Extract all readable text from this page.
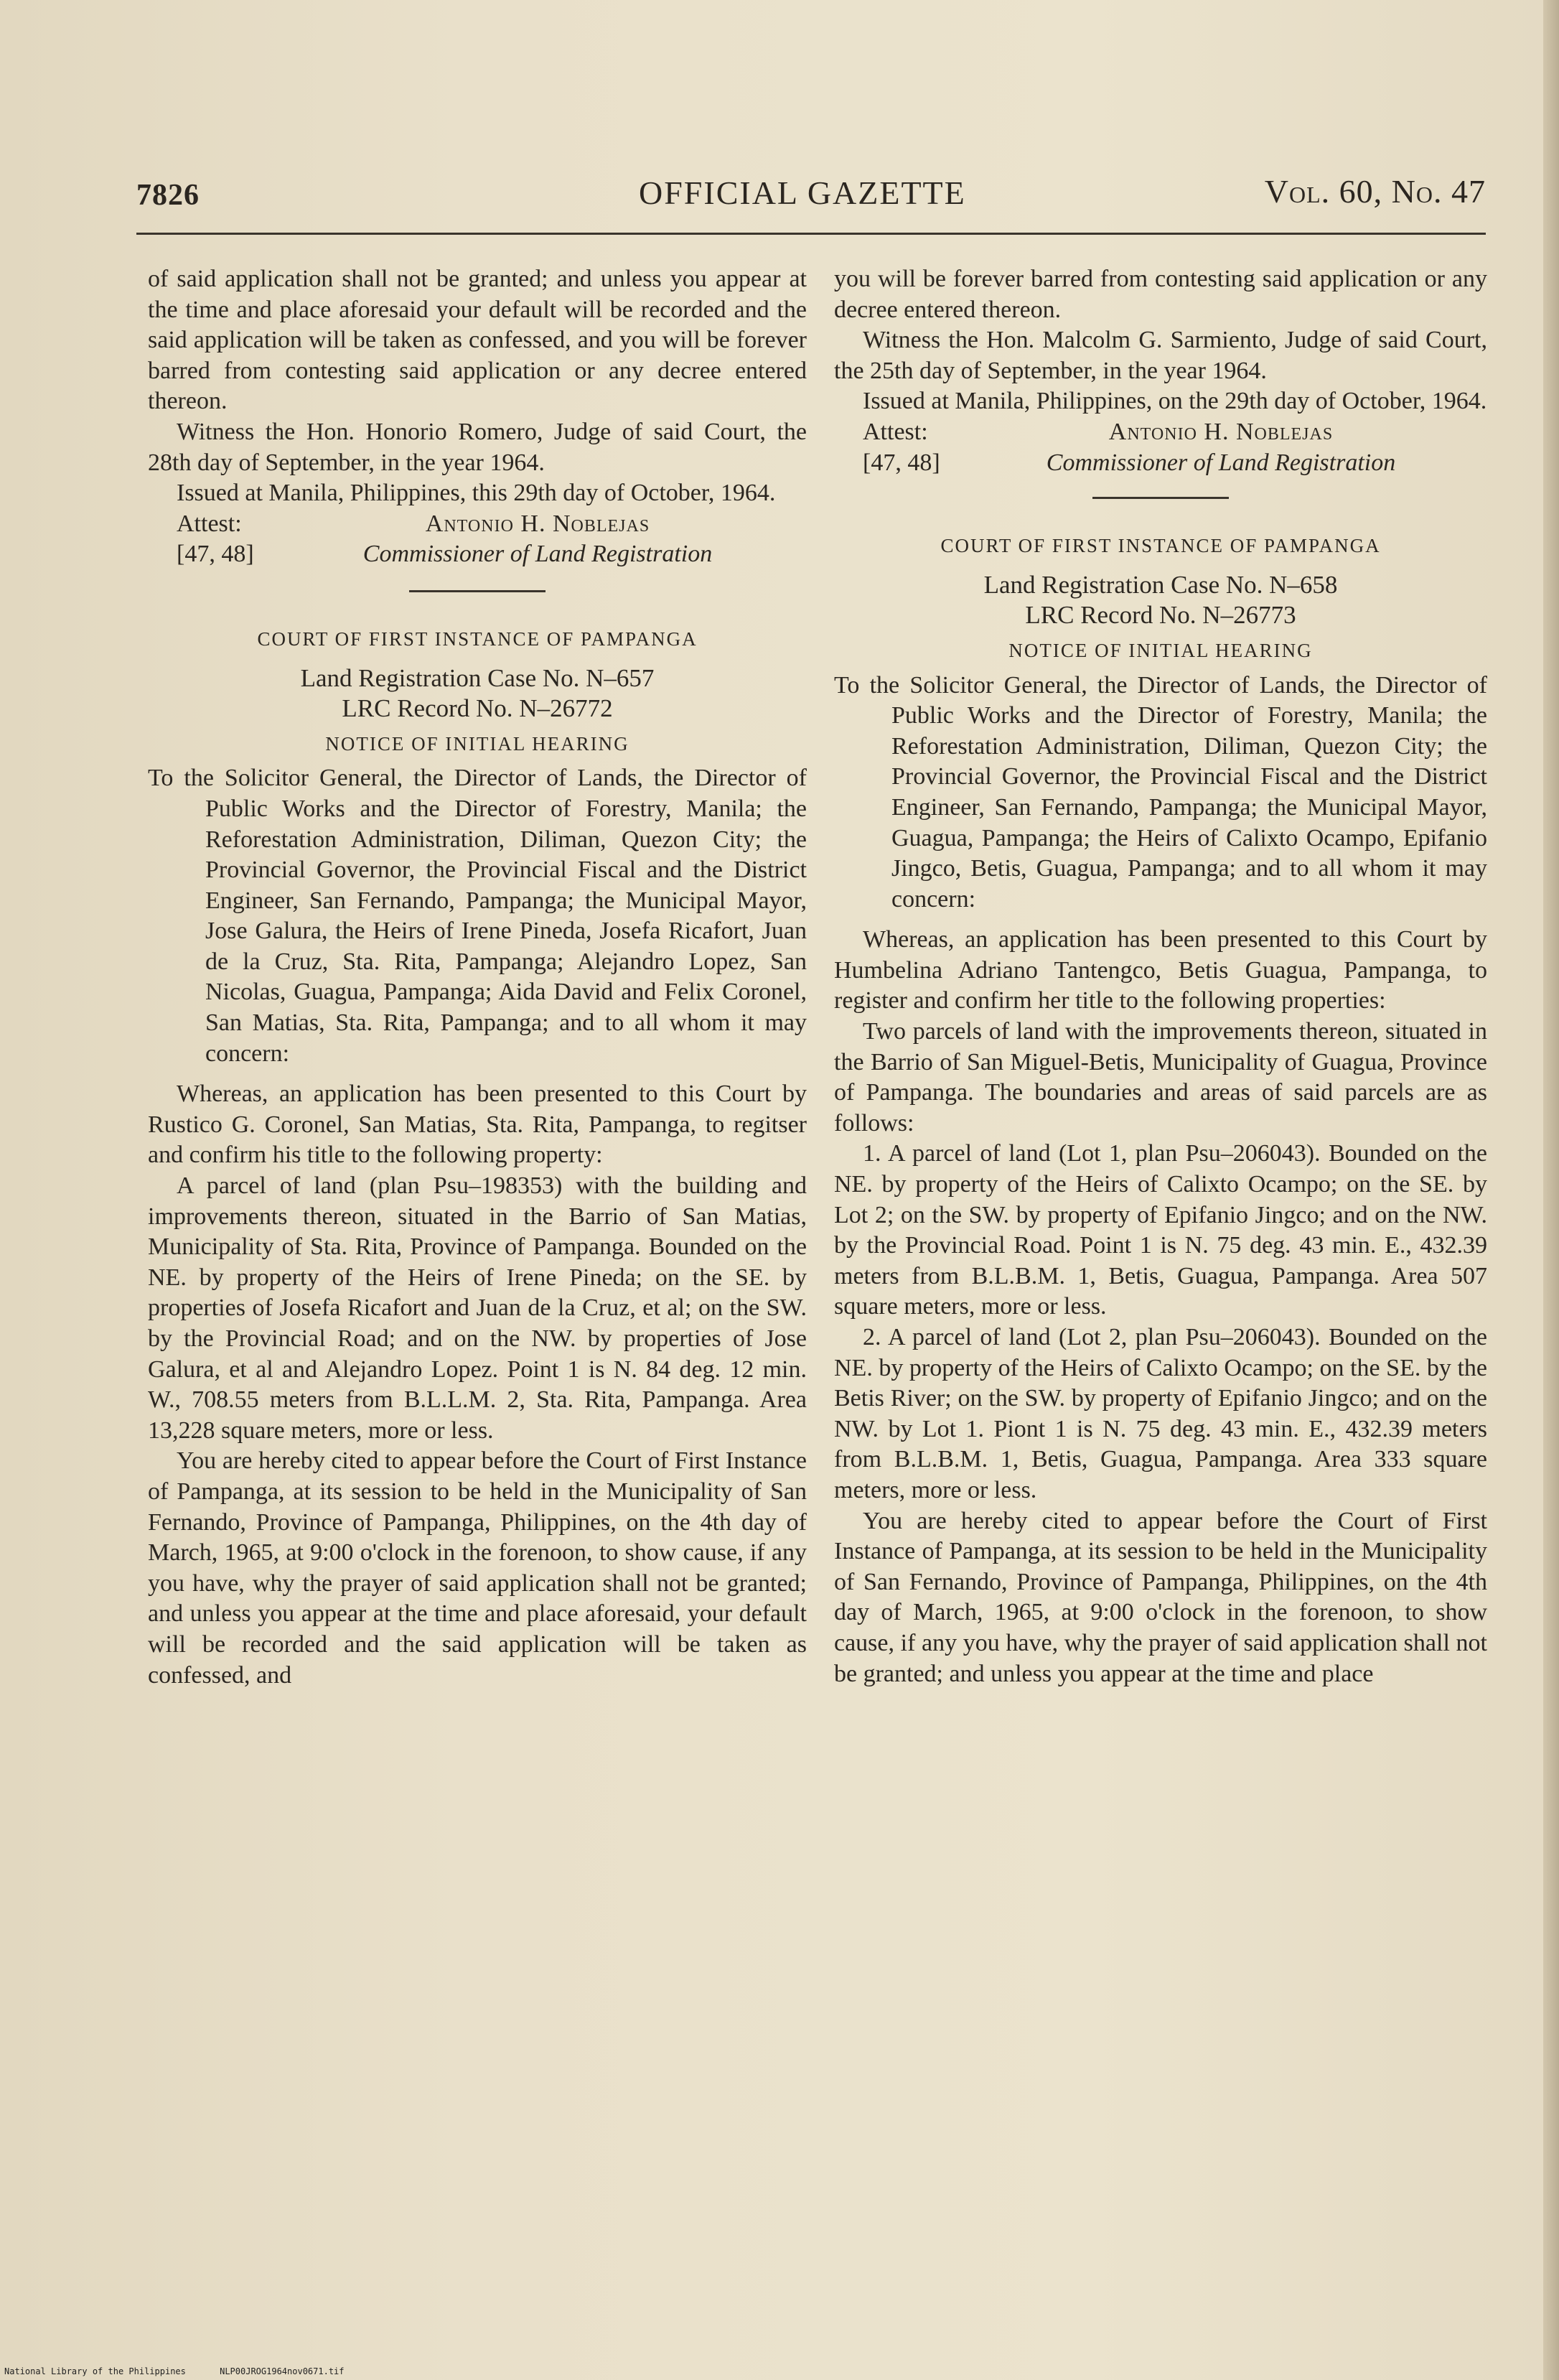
7826	OFFICIAL GAZETTE	Vol. 60, No. 47

of said application shall not be granted; and unless you appear at the time and place aforesaid your default will be recorded and the said application will be taken as confessed, and you will be forever barred from contesting said application or any decree entered thereon.

Witness the Hon. Honorio Romero, Judge of said Court, the 28th day of September, in the year 1964.

Issued at Manila, Philippines, this 29th day of October, 1964.

Attest:	Antonio H. Noblejas
[47, 48]	Commissioner of Land Registration

COURT OF FIRST INSTANCE OF PAMPANGA

Land Registration Case No. N–657

LRC Record No. N–26772

NOTICE OF INITIAL HEARING

To the Solicitor General, the Director of Lands, the Director of Public Works and the Director of Forestry, Manila; the Reforestation Administration, Diliman, Quezon City; the Provincial Governor, the Provincial Fiscal and the District Engineer, San Fernando, Pampanga; the Municipal Mayor, Jose Galura, the Heirs of Irene Pineda, Josefa Ricafort, Juan de la Cruz, Sta. Rita, Pampanga; Alejandro Lopez, San Nicolas, Guagua, Pampanga; Aida David and Felix Coronel, San Matias, Sta. Rita, Pampanga; and to all whom it may concern:

Whereas, an application has been presented to this Court by Rustico G. Coronel, San Matias, Sta. Rita, Pampanga, to regitser and confirm his title to the following property:

A parcel of land (plan Psu–198353) with the building and improvements thereon, situated in the Barrio of San Matias, Municipality of Sta. Rita, Province of Pampanga. Bounded on the NE. by property of the Heirs of Irene Pineda; on the SE. by properties of Josefa Ricafort and Juan de la Cruz, et al; on the SW. by the Provincial Road; and on the NW. by properties of Jose Galura, et al and Alejandro Lopez. Point 1 is N. 84 deg. 12 min. W., 708.55 meters from B.L.L.M. 2, Sta. Rita, Pampanga. Area 13,228 square meters, more or less.

You are hereby cited to appear before the Court of First Instance of Pampanga, at its session to be held in the Municipality of San Fernando, Province of Pampanga, Philippines, on the 4th day of March, 1965, at 9:00 o'clock in the forenoon, to show cause, if any you have, why the prayer of said application shall not be granted; and unless you appear at the time and place aforesaid, your default will be recorded and the said application will be taken as confessed, and

you will be forever barred from contesting said application or any decree entered thereon.

Witness the Hon. Malcolm G. Sarmiento, Judge of said Court, the 25th day of September, in the year 1964.

Issued at Manila, Philippines, on the 29th day of October, 1964.

Attest:	Antonio H. Noblejas
[47, 48]	Commissioner of Land Registration

COURT OF FIRST INSTANCE OF PAMPANGA

Land Registration Case No. N–658

LRC Record No. N–26773

NOTICE OF INITIAL HEARING

To the Solicitor General, the Director of Lands, the Director of Public Works and the Director of Forestry, Manila; the Reforestation Administration, Diliman, Quezon City; the Provincial Governor, the Provincial Fiscal and the District Engineer, San Fernando, Pampanga; the Municipal Mayor, Guagua, Pampanga; the Heirs of Calixto Ocampo, Epifanio Jingco, Betis, Guagua, Pampanga; and to all whom it may concern:

Whereas, an application has been presented to this Court by Humbelina Adriano Tantengco, Betis Guagua, Pampanga, to register and confirm her title to the following properties:

Two parcels of land with the improvements thereon, situated in the Barrio of San Miguel-Betis, Municipality of Guagua, Province of Pampanga. The boundaries and areas of said parcels are as follows:

1. A parcel of land (Lot 1, plan Psu–206043). Bounded on the NE. by property of the Heirs of Calixto Ocampo; on the SE. by Lot 2; on the SW. by property of Epifanio Jingco; and on the NW. by the Provincial Road. Point 1 is N. 75 deg. 43 min. E., 432.39 meters from B.L.B.M. 1, Betis, Guagua, Pampanga. Area 507 square meters, more or less.

2. A parcel of land (Lot 2, plan Psu–206043). Bounded on the NE. by property of the Heirs of Calixto Ocampo; on the SE. by the Betis River; on the SW. by property of Epifanio Jingco; and on the NW. by Lot 1. Piont 1 is N. 75 deg. 43 min. E., 432.39 meters from B.L.B.M. 1, Betis, Guagua, Pampanga. Area 333 square meters, more or less.

You are hereby cited to appear before the Court of First Instance of Pampanga, at its session to be held in the Municipality of San Fernando, Province of Pampanga, Philippines, on the 4th day of March, 1965, at 9:00 o'clock in the forenoon, to show cause, if any you have, why the prayer of said application shall not be granted; and unless you appear at the time and place

National Library of the Philippines	NLP00JROG1964nov0671.tif
